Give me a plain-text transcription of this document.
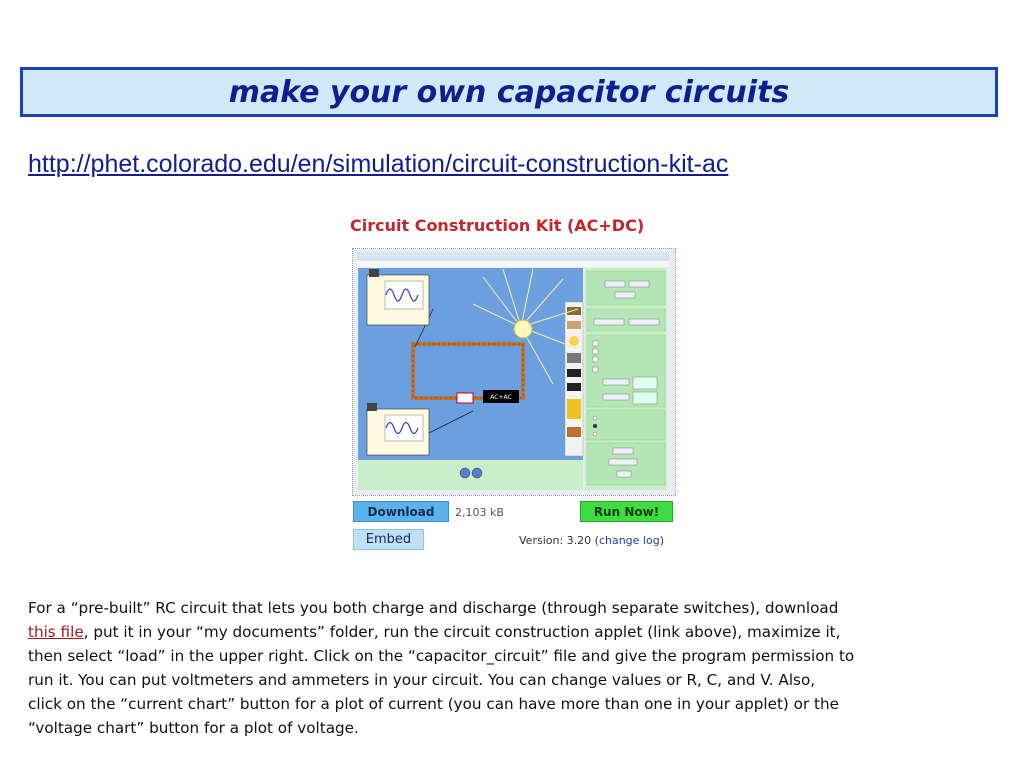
make your own capacitor circuits
http://phet.colorado.edu/en/simulation/circuit-construction-kit-ac
Circuit Construction Kit (AC+DC)
AC+AC
Download	2,103 kB	Run Now!
Embed	Version: 3.20 (change log)

For a “pre-built” RC circuit that lets you both charge and discharge (through separate switches), download

this file, put it in your “my documents” folder, run the circuit construction applet (link above), maximize it,

then select “load” in the upper right. Click on the “capacitor_circuit” file and give the program permission to

run it. You can put voltmeters and ammeters in your circuit. You can change values or R, C, and V. Also,

click on the “current chart” button for a plot of current (you can have more than one in your applet) or the

“voltage chart” button for a plot of voltage.
